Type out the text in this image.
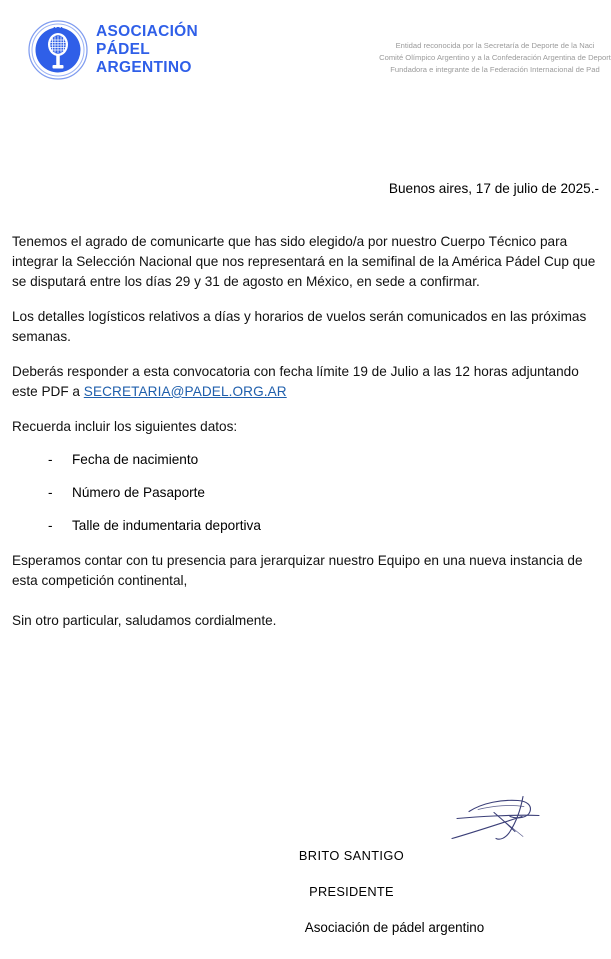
APA ASOCIACIÓN
PÁDEL
ARGENTINO
Entidad reconocida por la Secretaría de Deporte de la Naci
Comité Olímpico Argentino y a la Confederación Argentina de Deport
Fundadora e integrante de la Federación Internacional de Pad
Buenos aires, 17 de julio de 2025.-

Tenemos el agrado de comunicarte que has sido elegido/a por nuestro Cuerpo Técnico para integrar la Selección Nacional que nos representará en la semifinal de la América Pádel Cup que se disputará entre los días 29 y 31 de agosto en México, en sede a confirmar.

Los detalles logísticos relativos a días y horarios de vuelos serán comunicados en las próximas semanas.

Deberás responder a esta convocatoria con fecha límite 19 de Julio a las 12 horas adjuntando este PDF a SECRETARIA@PADEL.ORG.AR

Recuerda incluir los siguientes datos:

- Fecha de nacimiento
- Número de Pasaporte
- Talle de indumentaria deportiva

Esperamos contar con tu presencia para jerarquizar nuestro Equipo en una nueva instancia de esta competición continental,

Sin otro particular, saludamos cordialmente.

BRITO SANTIGO
PRESIDENTE
Asociación de pádel argentino
